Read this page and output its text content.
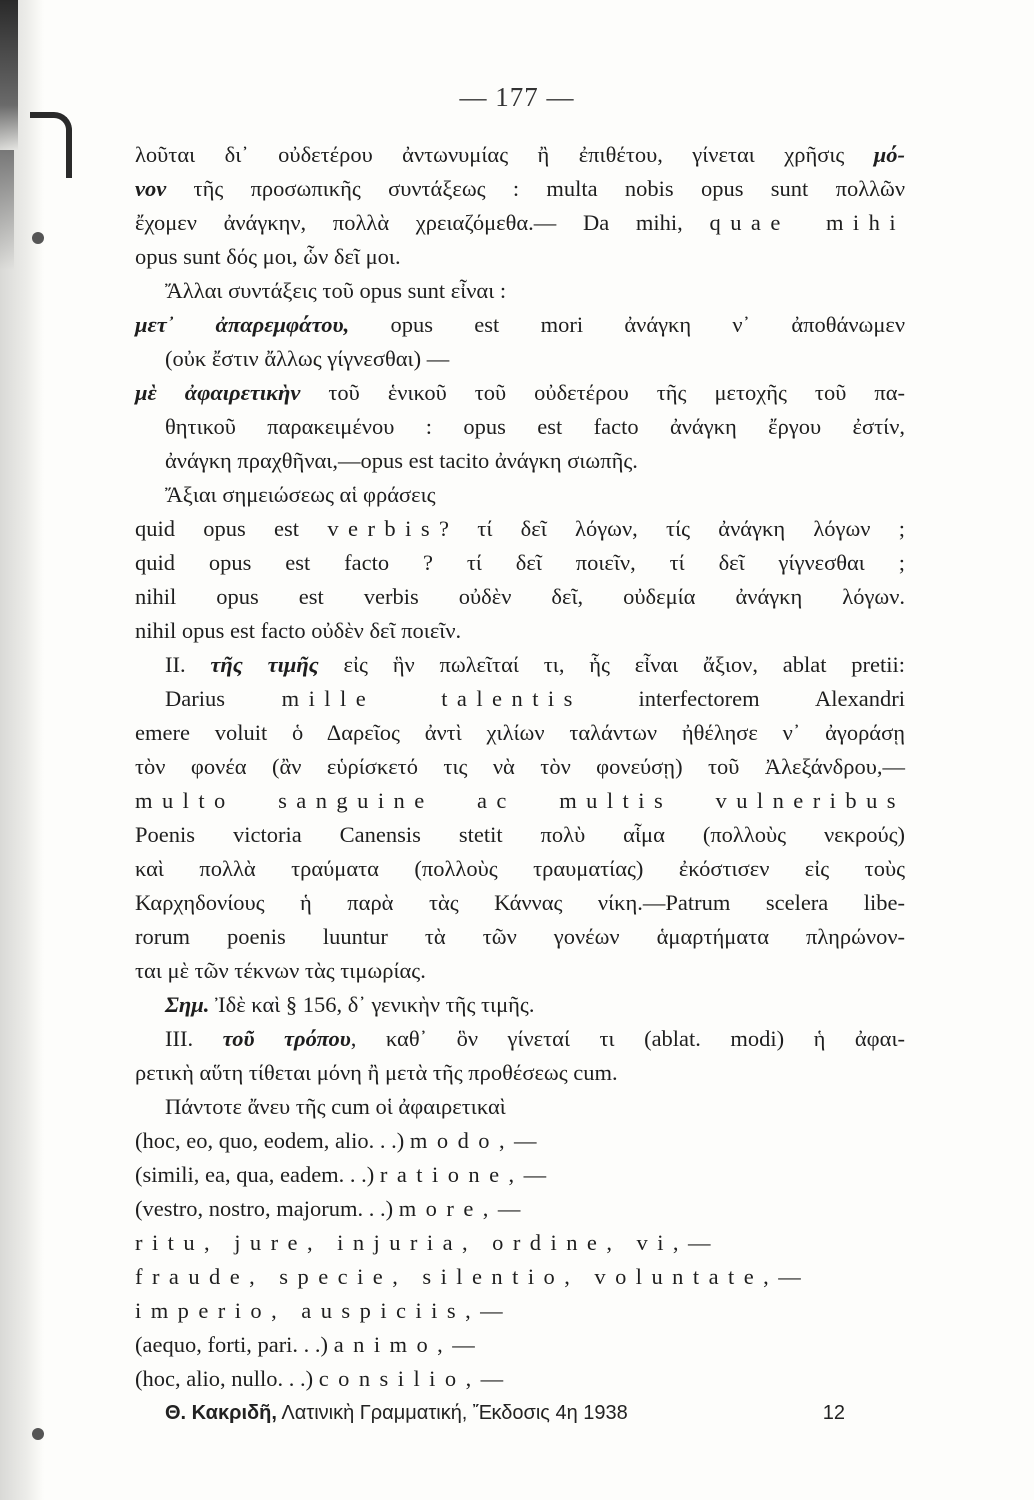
— 177 —
λοῦται δι᾽ οὐδετέρου ἀντωνυμίας ἢ ἐπιθέτου, γίνεται χρῆσις μό-
νον τῆς προσωπικῆς συντάξεως : multa nobis opus sunt πολλῶν
ἔχομεν ἀνάγκην, πολλὰ χρειαζόμεθα.— Da mihi, quae mihi
opus sunt δός μοι, ὧν δεῖ μοι.
Ἄλλαι συντάξεις τοῦ opus sunt εἶναι :
μετ᾽ ἀπαρεμφάτου, opus est mori ἀνάγκη ν᾽ ἀποθάνωμεν
(οὐκ ἔστιν ἄλλως γίγνεσθαι) —
μὲ ἀφαιρετικὴν τοῦ ἑνικοῦ τοῦ οὐδετέρου τῆς μετοχῆς τοῦ πα-
θητικοῦ παρακειμένου : opus est facto ἀνάγκη ἔργου ἐστίν,
ἀνάγκη πραχθῆναι,—opus est tacito ἀνάγκη σιωπῆς.
Ἄξιαι σημειώσεως αἱ φράσεις
quid opus est verbis? τί δεῖ λόγων, τίς ἀνάγκη λόγων ;
quid opus est facto ? τί δεῖ ποιεῖν, τί δεῖ γίγνεσθαι ;
nihil opus est verbis οὐδὲν δεῖ, οὐδεμία ἀνάγκη λόγων.
nihil opus est facto οὐδὲν δεῖ ποιεῖν.
II. τῆς τιμῆς εἰς ἣν πωλεῖταί τι, ἧς εἶναι ἄξιον, ablat pretii:
Darius	mille talentis	interfectorem Alexandri
emere voluit ὁ Δαρεῖος ἀντὶ χιλίων ταλάντων ἠθέλησε ν᾽ ἀγοράσῃ
τὸν φονέα (ἂν εὑρίσκετό τις νὰ τὸν φονεύσῃ) τοῦ Ἀλεξάνδρου,—
multo sanguine ac multis vulneribus
Poenis victoria Canensis stetit πολὺ αἷμα (πολλοὺς νεκρούς)
καὶ πολλὰ τραύματα (πολλοὺς τραυματίας) ἐκόστισεν εἰς τοὺς
Καρχηδονίους ἡ παρὰ τὰς Κάννας νίκη.—Patrum scelera libe-
rorum poenis luuntur τὰ τῶν γονέων ἁμαρτήματα πληρώνον-
ται μὲ τῶν τέκνων τὰς τιμωρίας.
Σημ. Ἰδὲ καὶ § 156, δ᾽ γενικὴν τῆς τιμῆς.
III. τοῦ τρόπου, καθ᾽ ὃν γίνεταί τι (ablat. modi) ἡ ἀφαι-
ρετικὴ αὕτη τίθεται μόνη ἢ μετὰ τῆς προθέσεως cum.
Πάντοτε ἄνευ τῆς cum οἱ ἀφαιρετικαὶ
(hoc, eo, quo, eodem, alio. . .) modo,—
(simili, ea, qua, eadem. . .) ratione,—
(vestro, nostro, majorum. . .) more,—
ritu, jure, injuria, ordine, vi,—
fraude, specie, silentio, voluntate,—
imperio, auspiciis,—
(aequo, forti, pari. . .) animo,—
(hoc, alio, nullo. . .) consilio,—
Θ. Κακριδῆ, Λατινικὴ Γραμματική, Ἔκδοσις 4η 1938	12
